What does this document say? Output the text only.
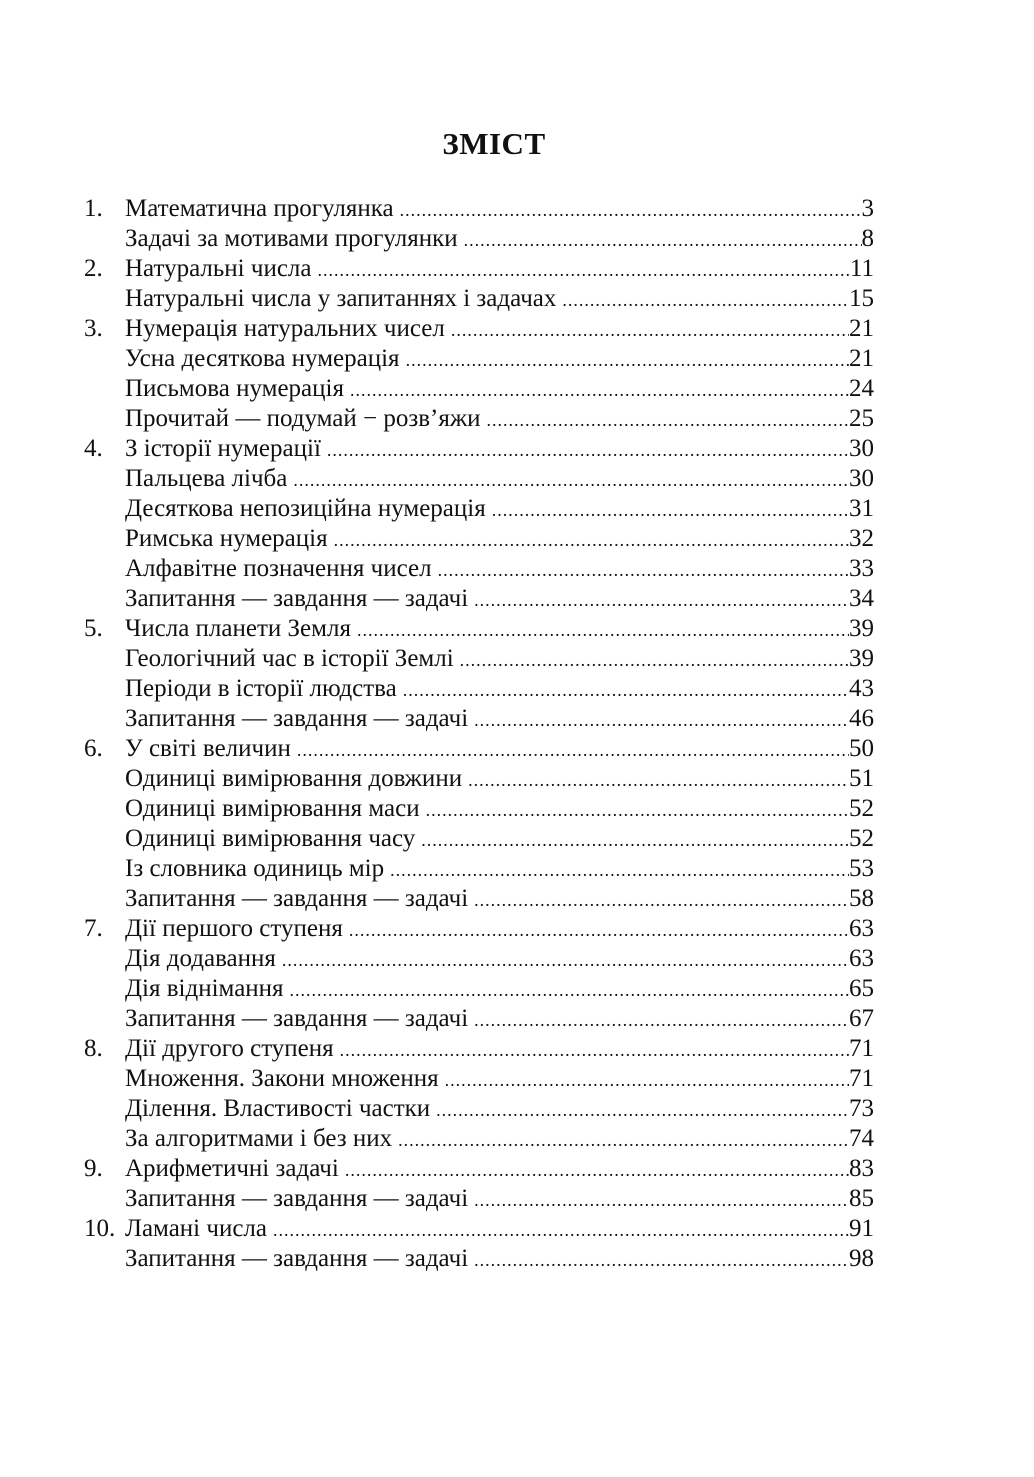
ЗМІСТ
1. Математична прогулянка .....	3
Задачі за мотивами прогулянки .....	8
2. Натуральні числа .....	11
Натуральні числа у запитаннях і задачах .....	15
3. Нумерація натуральних чисел .....	21
Усна десяткова нумерація .....	21
Письмова нумерація .....	24
Прочитай — подумай − розв’яжи .....	25
4. З історії нумерації .....	30
Пальцева лічба .....	30
Десяткова непозиційна нумерація .....	31
Римська нумерація .....	32
Алфавітне позначення чисел .....	33
Запитання — завдання — задачі .....	34
5. Числа планети Земля .....	39
Геологічний час в історії Землі .....	39
Періоди в історії людства .....	43
Запитання — завдання — задачі .....	46
6. У світі величин .....	50
Одиниці вимірювання довжини .....	51
Одиниці вимірювання маси .....	52
Одиниці вимірювання часу .....	52
Із словника одиниць мір .....	53
Запитання — завдання — задачі .....	58
7. Дії першого ступеня .....	63
Дія додавання .....	63
Дія віднімання .....	65
Запитання — завдання — задачі .....	67
8. Дії другого ступеня .....	71
Множення. Закони множення .....	71
Ділення. Властивості частки .....	73
За алгоритмами і без них .....	74
9. Арифметичні задачі .....	83
Запитання — завдання — задачі .....	85
10. Ламані числа .....	91
Запитання — завдання — задачі .....	98
